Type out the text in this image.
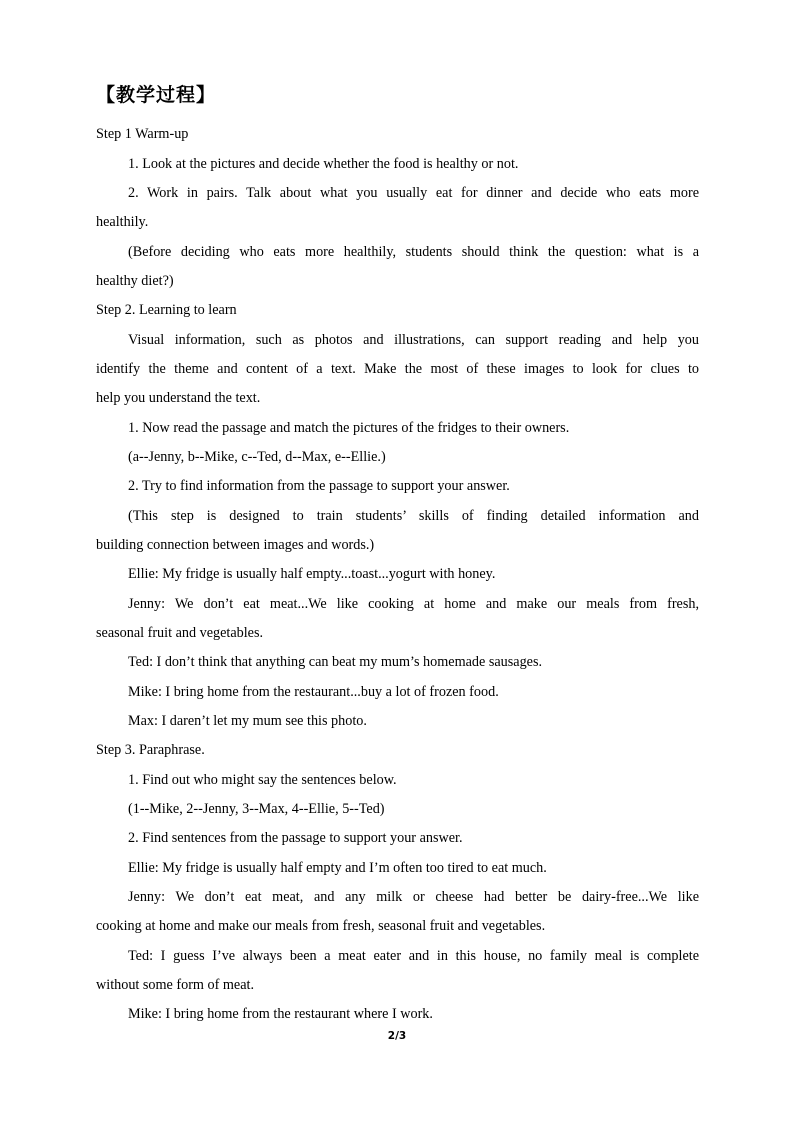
【教学过程】
Step 1 Warm-up
1. Look at the pictures and decide whether the food is healthy or not.
2. Work in pairs. Talk about what you usually eat for dinner and decide who eats more
healthily.
(Before deciding who eats more healthily, students should think the question: what is a
healthy diet?)
Step 2. Learning to learn
Visual information, such as photos and illustrations, can support reading and help you
identify the theme and content of a text. Make the most of these images to look for clues to
help you understand the text.
1. Now read the passage and match the pictures of the fridges to their owners.
(a--Jenny, b--Mike, c--Ted, d--Max, e--Ellie.)
2. Try to find information from the passage to support your answer.
(This step is designed to train students’ skills of finding detailed information and
building connection between images and words.)
Ellie: My fridge is usually half empty...toast...yogurt with honey.
Jenny: We don’t eat meat...We like cooking at home and make our meals from fresh,
seasonal fruit and vegetables.
Ted: I don’t think that anything can beat my mum’s homemade sausages.
Mike: I bring home from the restaurant...buy a lot of frozen food.
Max: I daren’t let my mum see this photo.
Step 3. Paraphrase.
1. Find out who might say the sentences below.
(1--Mike, 2--Jenny, 3--Max, 4--Ellie, 5--Ted)
2. Find sentences from the passage to support your answer.
Ellie: My fridge is usually half empty and I’m often too tired to eat much.
Jenny: We don’t eat meat, and any milk or cheese had better be dairy-free...We like
cooking at home and make our meals from fresh, seasonal fruit and vegetables.
Ted: I guess I’ve always been a meat eater and in this house, no family meal is complete
without some form of meat.
Mike: I bring home from the restaurant where I work.
2/3
